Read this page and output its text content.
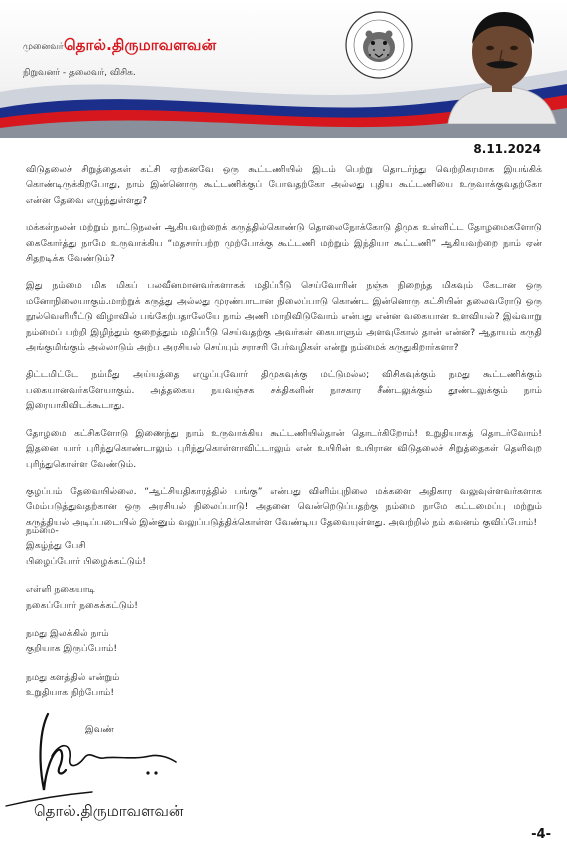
முனைவர் தொல்.திருமாவளவன்
நிறுவனர் - தலைவர், விசிக.
8.11.2024

விடுதலைச் சிறுத்தைகள் கட்சி ஏற்கனவே ஒரு கூட்டணியில் இடம் பெற்று தொடர்ந்து வெற்றிகரமாக இயங்கிக் கொண்டிருக்கிறபோது, நாம் இன்னொரு கூட்டணிக்குப் போவதற்கோ அல்லது புதிய கூட்டணியை உருவாக்குவதற்கோ என்ன தேவை எழுந்துள்ளது?

மக்கள்நலன் மற்றும் நாட்டுநலன் ஆகியவற்றைக் கருத்தில்கொண்டு தொலைநோக்கோடு திமுக உள்ளிட்ட தோழமைகளோடு கைகோர்த்து நாமே உருவாக்கிய “மதசார்பற்ற முற்போக்கு கூட்டணி மற்றும் இந்தியா கூட்டணி” ஆகியவற்றை நாம் ஏன் சிதறடிக்க வேண்டும்?

இது நம்மை மிக மிகப் பலவீனமானவர்களாகக் மதிப்பீடு செய்வோரின் நஞ்சு நிறைந்த மிகவும் கேடான ஒரு மனோநிலையாகும்.மாற்றுக் கருத்து அல்லது முரண்பாடான நிலைப்பாடு கொண்ட இன்னொரு கட்சியின் தலைவரோடு ஒரு நூல்வெளியீட்டு விழாவில் பங்கேற்பதாலேயே நாம் அணி மாறிவிடுவோம் என்பது என்ன வகையான உளவியல்? இவ்வாறு நம்மைப் பற்றி இழிந்தும் குறைத்தும் மதிப்பீடு செய்வதற்கு அவர்கள் கையாளும் அளவுகோல் தான் என்ன? ஆதாயம் கருதி அங்குமிங்கும் அல்லாடும் அற்ப அரசியல் செய்யும் சராசரி பேர்வழிகள் என்று நம்மைக் கருதுகிறார்களா?

திட்டமிட்டே நம்மீது அய்யத்தை எழுப்புவோர் திமுகவுக்கு மட்டுமல்ல; விசிகவுக்கும் நமது கூட்டணிக்கும் பகையானவர்களேயாகும். அத்தகைய நயவஞ்சக சக்திகளின் நாசகார சீண்டலுக்கும் தூண்டலுக்கும் நாம் இரையாகிவிடக்கூடாது.

தோழமை கட்சிகளோடு இணைந்து நாம் உருவாக்கிய கூட்டணியில்தான் தொடர்கிறோம்! உறுதியாகத் தொடர்வோம்! இதனை யார் புரிந்துகொண்டாலும் புரிந்துகொள்ளாவிட்டாலும் என் உயிரின் உயிரான விடுதலைச் சிறுத்தைகள் தெளிவுற புரிந்துகொள்ள வேண்டும்.

குழப்பம் தேவையில்லை. “ஆட்சியதிகாரத்தில் பங்கு” என்பது விளிம்புநிலை மக்களை அதிகார வலுவுள்ளவர்களாக மேம்படுத்துவதற்கான ஒரு அரசியல் நிலைப்பாடு! அதனை வென்றெடுப்பதற்கு நம்மை நாமே கட்டமைப்பு மற்றும் கருத்தியல் அடிப்படையில் இன்னும் வலுப்படுத்திக்கொள்ள வேண்டிய தேவையுள்ளது. அவற்றில் நம் கவனம் குவிப்போம்!

நம்மை-
இகழ்ந்து பேசி
பிழைப்போர் பிழைக்கட்டும்!
எள்ளி நகையாடி
நகைப்போர் நகைக்கட்டும்!
நமது இலக்கில் நாம்
குறியாக இருப்போம்!
நமது களத்தில் என்றும்
உறுதியாக நிற்போம்!
இவண்
தொல்.திருமாவளவன்
-4-
